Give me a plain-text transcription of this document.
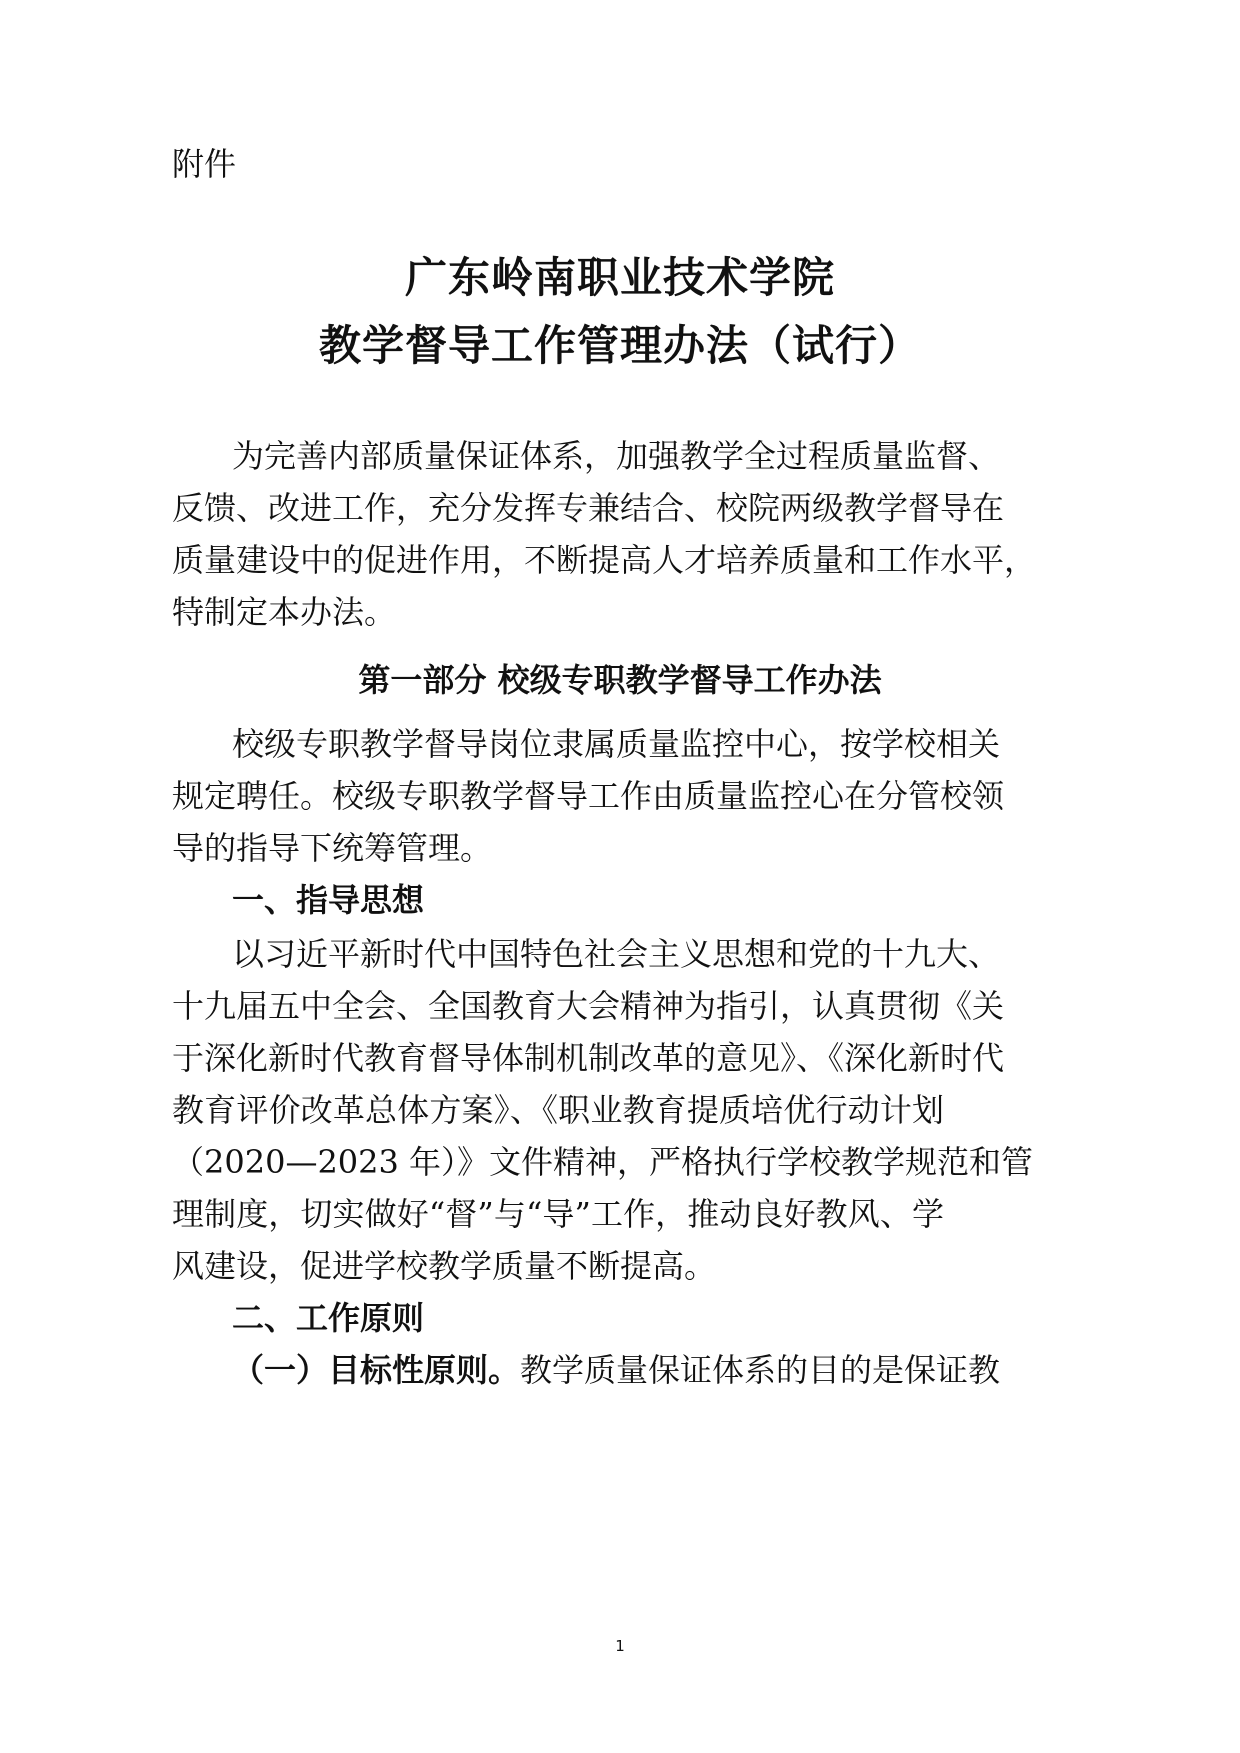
附件

广东岭南职业技术学院

教学督导工作管理办法（试行）

为完善内部质量保证体系，加强教学全过程质量监督、

反馈、改进工作，充分发挥专兼结合、校院两级教学督导在

质量建设中的促进作用，不断提高人才培养质量和工作水平，

特制定本办法。

第一部分 校级专职教学督导工作办法

校级专职教学督导岗位隶属质量监控中心，按学校相关

规定聘任。校级专职教学督导工作由质量监控心在分管校领

导的指导下统筹管理。

一、指导思想

以习近平新时代中国特色社会主义思想和党的十九大、

十九届五中全会、全国教育大会精神为指引，认真贯彻《关

于深化新时代教育督导体制机制改革的意见》、《深化新时代

教育评价改革总体方案》、《职业教育提质培优行动计划

（2020—2023 年）》文件精神，严格执行学校教学规范和管

理制度，切实做好“督”与“导”工作，推动良好教风、学

风建设，促进学校教学质量不断提高。

二、工作原则

（一）目标性原则。 教学质量保证体系的目的是保证教

1
